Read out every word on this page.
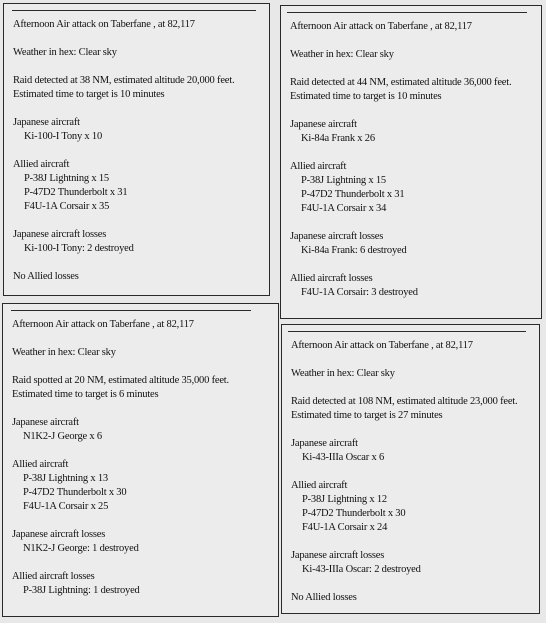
Afternoon Air attack on Taberfane , at 82,117
Weather in hex: Clear sky
Raid detected at 38 NM, estimated altitude 20,000 feet.
Estimated time to target is 10 minutes
Japanese aircraft
Ki-100-I Tony x 10
Allied aircraft
P-38J Lightning x 15
P-47D2 Thunderbolt x 31
F4U-1A Corsair x 35
Japanese aircraft losses
Ki-100-I Tony: 2 destroyed
No Allied losses
Afternoon Air attack on Taberfane , at 82,117
Weather in hex: Clear sky
Raid detected at 44 NM, estimated altitude 36,000 feet.
Estimated time to target is 10 minutes
Japanese aircraft
Ki-84a Frank x 26
Allied aircraft
P-38J Lightning x 15
P-47D2 Thunderbolt x 31
F4U-1A Corsair x 34
Japanese aircraft losses
Ki-84a Frank: 6 destroyed
Allied aircraft losses
F4U-1A Corsair: 3 destroyed
Afternoon Air attack on Taberfane , at 82,117
Weather in hex: Clear sky
Raid spotted at 20 NM, estimated altitude 35,000 feet.
Estimated time to target is 6 minutes
Japanese aircraft
N1K2-J George x 6
Allied aircraft
P-38J Lightning x 13
P-47D2 Thunderbolt x 30
F4U-1A Corsair x 25
Japanese aircraft losses
N1K2-J George: 1 destroyed
Allied aircraft losses
P-38J Lightning: 1 destroyed
Afternoon Air attack on Taberfane , at 82,117
Weather in hex: Clear sky
Raid detected at 108 NM, estimated altitude 23,000 feet.
Estimated time to target is 27 minutes
Japanese aircraft
Ki-43-IIIa Oscar x 6
Allied aircraft
P-38J Lightning x 12
P-47D2 Thunderbolt x 30
F4U-1A Corsair x 24
Japanese aircraft losses
Ki-43-IIIa Oscar: 2 destroyed
No Allied losses
